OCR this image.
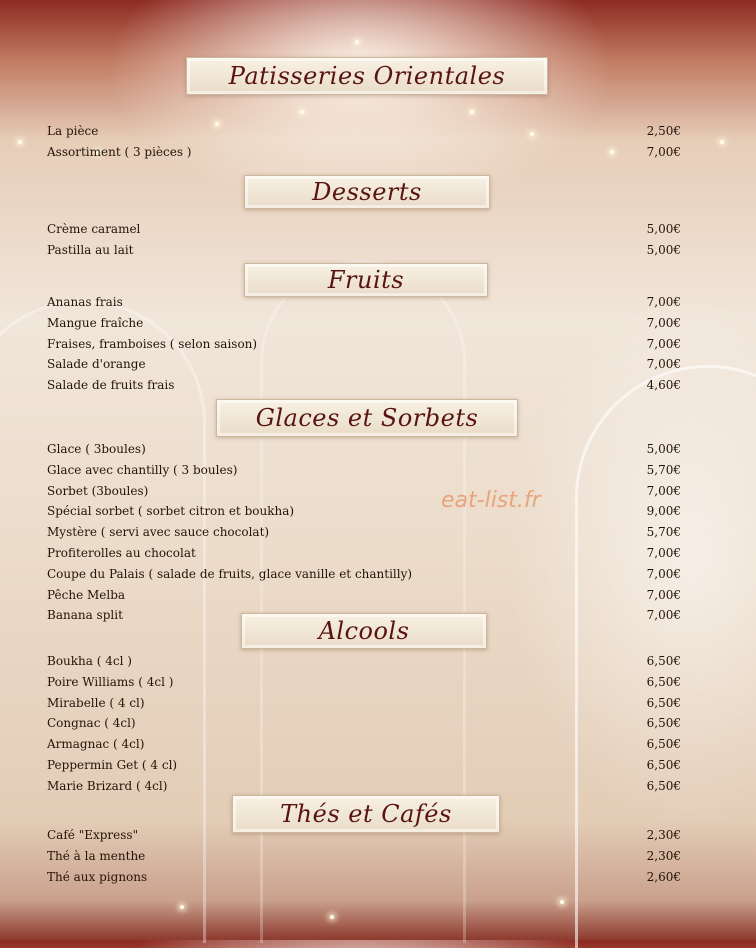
Patisseries Orientales
La pièce	2,50€
Assortiment ( 3 pièces )	7,00€
Desserts
Crème caramel	5,00€
Pastilla au lait	5,00€
Fruits
Ananas frais	7,00€
Mangue fraîche	7,00€
Fraises, framboises ( selon saison)	7,00€
Salade d'orange	7,00€
Salade de fruits frais	4,60€
Glaces et Sorbets
Glace ( 3boules)	5,00€
Glace avec chantilly ( 3 boules)	5,70€
Sorbet (3boules)	7,00€
Spécial sorbet ( sorbet citron et boukha)	9,00€
Mystère ( servi avec sauce chocolat)	5,70€
Profiterolles au chocolat	7,00€
Coupe du Palais ( salade de fruits, glace vanille et chantilly)	7,00€
Pêche Melba	7,00€
Banana split	7,00€
Alcools
Boukha ( 4cl )	6,50€
Poire Williams ( 4cl )	6,50€
Mirabelle ( 4 cl)	6,50€
Congnac ( 4cl)	6,50€
Armagnac ( 4cl)	6,50€
Peppermin Get ( 4 cl)	6,50€
Marie Brizard ( 4cl)	6,50€
Thés et Cafés
Café "Express"	2,30€
Thé à la menthe	2,30€
Thé aux pignons	2,60€
eat-list.fr
